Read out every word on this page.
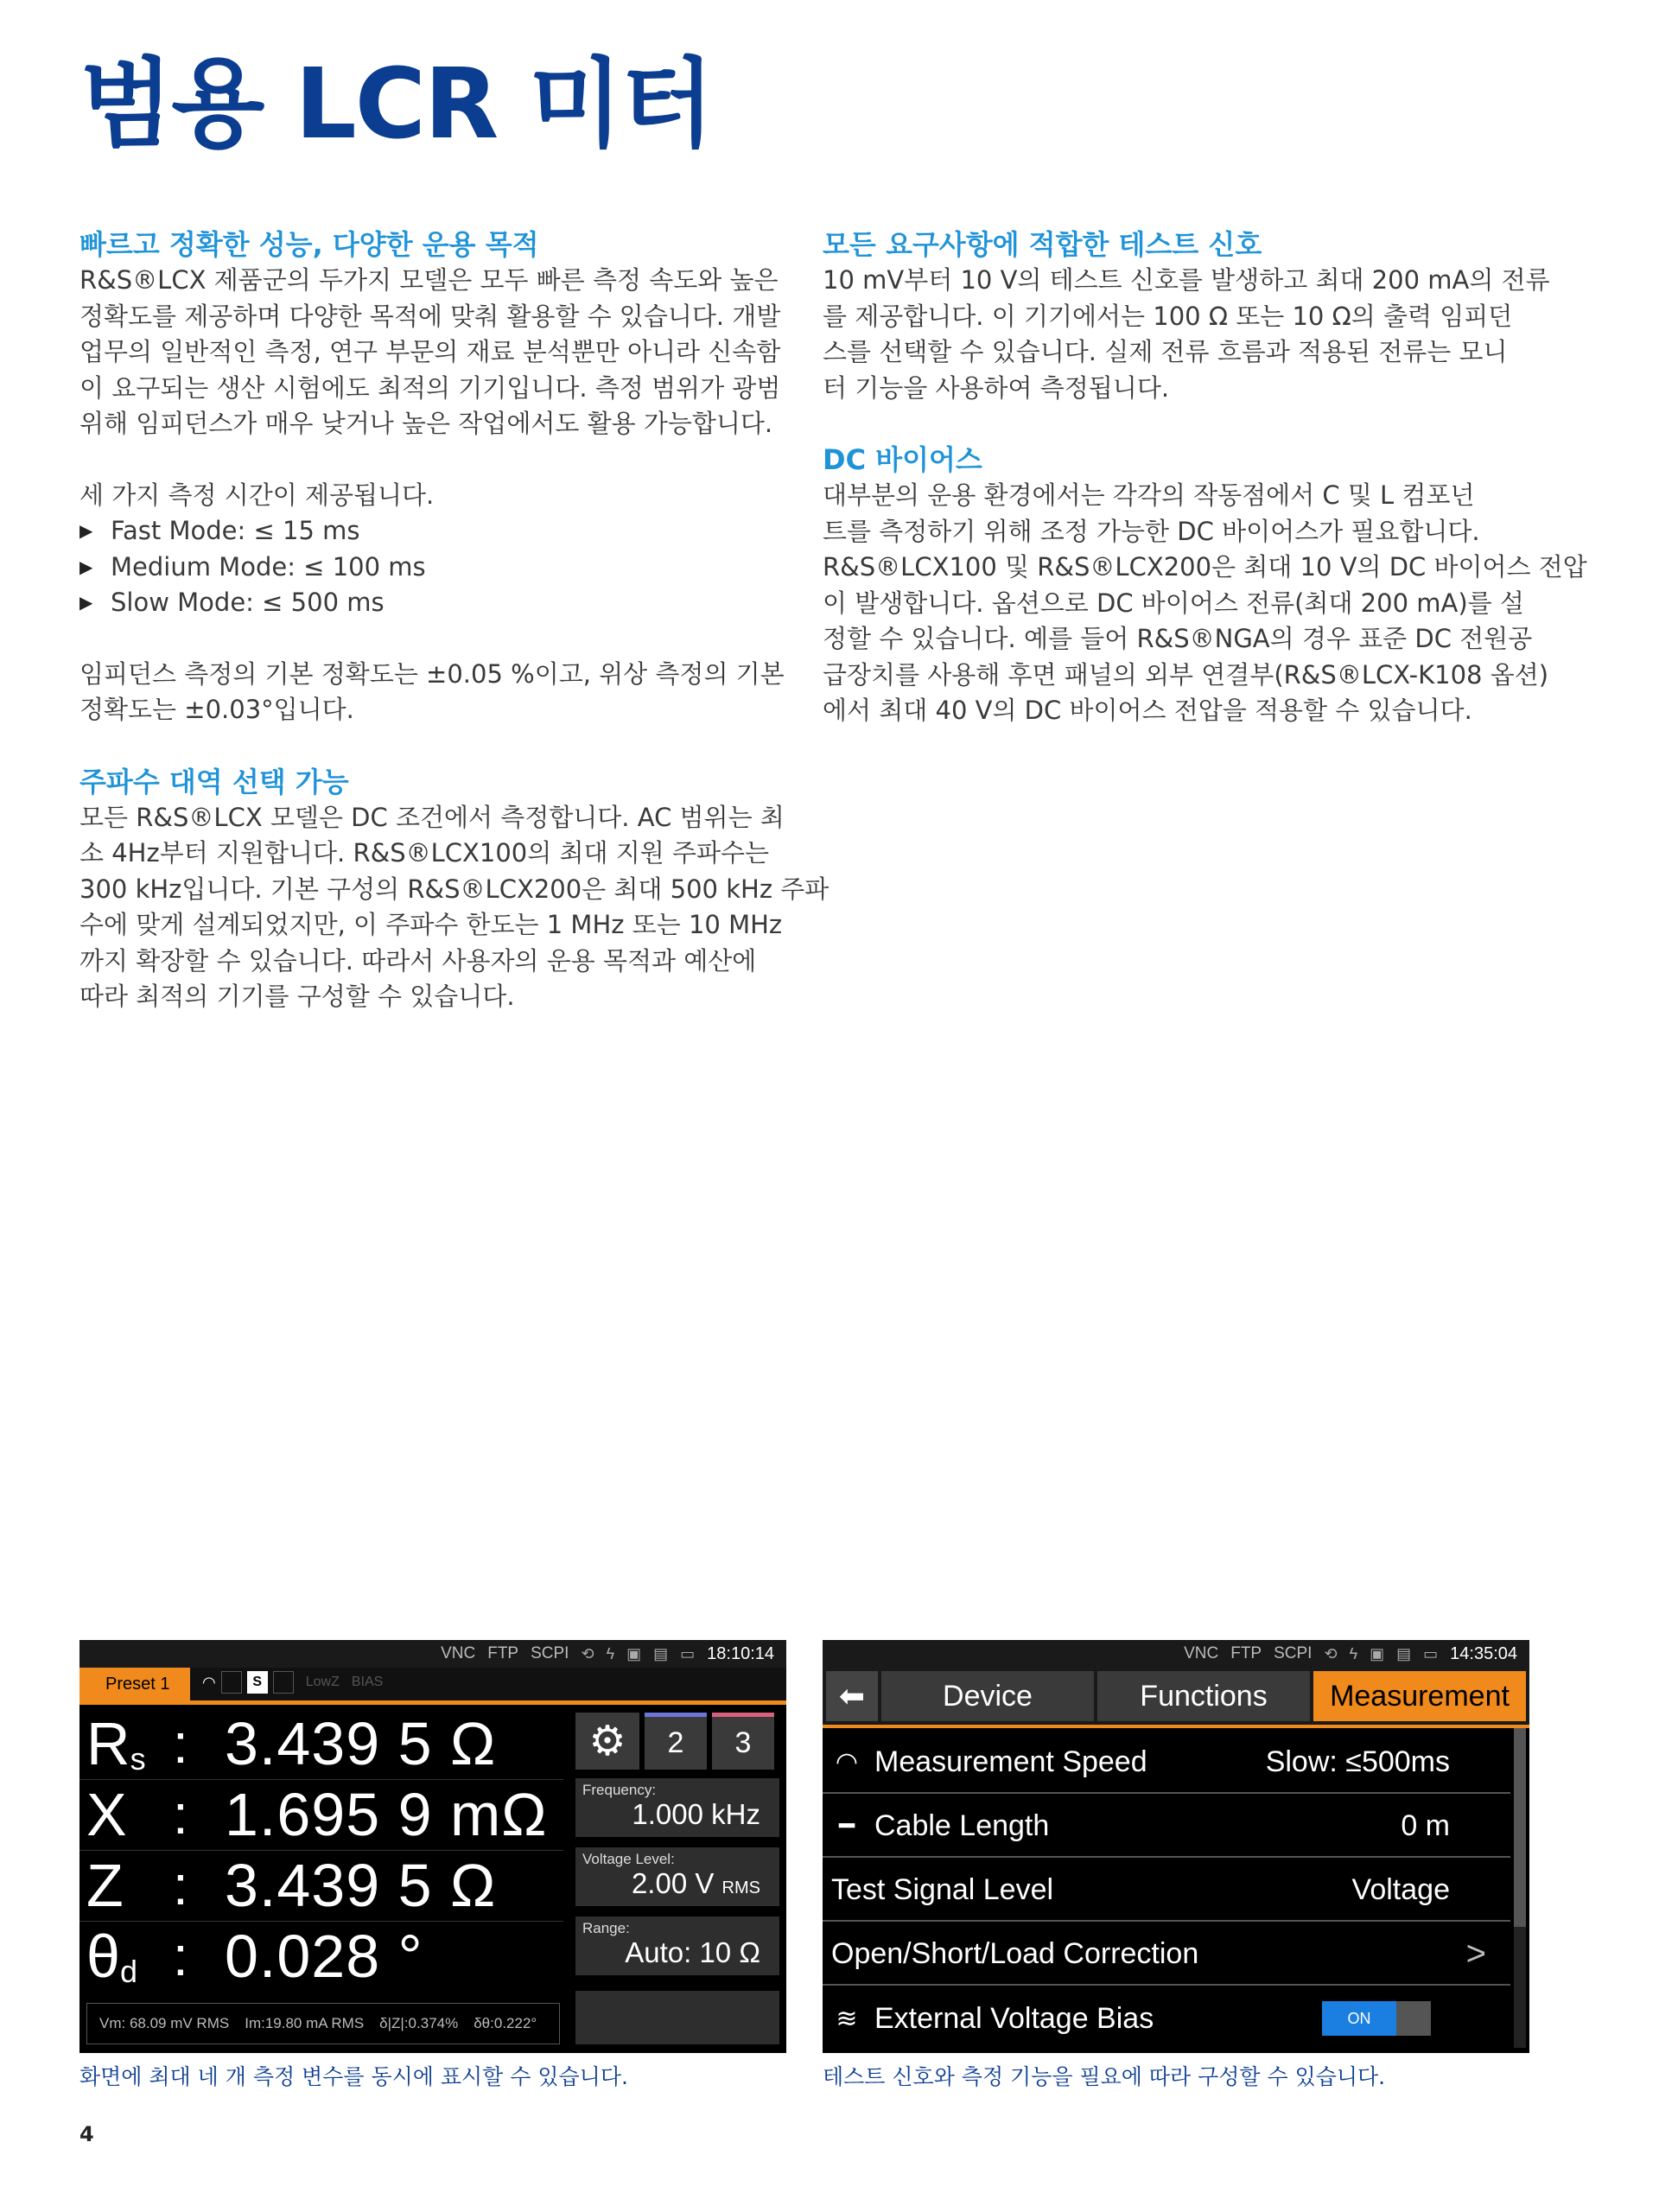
범용 LCR 미터
빠르고 정확한 성능, 다양한 운용 목적

R&S®LCX 제품군의 두가지 모델은 모두 빠른 측정 속도와 높은
정확도를 제공하며 다양한 목적에 맞춰 활용할 수 있습니다. 개발
업무의 일반적인 측정, 연구 부문의 재료 분석뿐만 아니라 신속함
이 요구되는 생산 시험에도 최적의 기기입니다. 측정 범위가 광범
위해 임피던스가 매우 낮거나 높은 작업에서도 활용 가능합니다.

세 가지 측정 시간이 제공됩니다.

▶ Fast Mode: ≤ 15 ms
▶ Medium Mode: ≤ 100 ms
▶ Slow Mode: ≤ 500 ms

임피던스 측정의 기본 정확도는 ±0.05 %이고, 위상 측정의 기본
정확도는 ±0.03°입니다.

주파수 대역 선택 가능

모든 R&S®LCX 모델은 DC 조건에서 측정합니다. AC 범위는 최
소 4Hz부터 지원합니다. R&S®LCX100의 최대 지원 주파수는
300 kHz입니다. 기본 구성의 R&S®LCX200은 최대 500 kHz 주파
수에 맞게 설계되었지만, 이 주파수 한도는 1 MHz 또는 10 MHz
까지 확장할 수 있습니다. 따라서 사용자의 운용 목적과 예산에
따라 최적의 기기를 구성할 수 있습니다.

모든 요구사항에 적합한 테스트 신호

10 mV부터 10 V의 테스트 신호를 발생하고 최대 200 mA의 전류
를 제공합니다. 이 기기에서는 100 Ω 또는 10 Ω의 출력 임피던
스를 선택할 수 있습니다. 실제 전류 흐름과 적용된 전류는 모니
터 기능을 사용하여 측정됩니다.

DC 바이어스

대부분의 운용 환경에서는 각각의 작동점에서 C 및 L 컴포넌
트를 측정하기 위해 조정 가능한 DC 바이어스가 필요합니다.
R&S®LCX100 및 R&S®LCX200은 최대 10 V의 DC 바이어스 전압
이 발생합니다. 옵션으로 DC 바이어스 전류(최대 200 mA)를 설
정할 수 있습니다. 예를 들어 R&S®NGA의 경우 표준 DC 전원공
급장치를 사용해 후면 패널의 외부 연결부(R&S®LCX-K108 옵션)
에서 최대 40 V의 DC 바이어스 전압을 적용할 수 있습니다.

VNC FTP SCPI ⟲ ϟ ▣ ▤ ▭ 18:10:14
Preset 1	◠
	S
	LowZ BIAS
$R_s$ : 3.439 5 Ω
X : 1.695 9 mΩ
Z : 3.439 5 Ω
$\theta_d$ : 0.028 °
Vm: 68.09 mV RMS Im:19.80 mA RMS δ|Z|:0.374% δθ:0.222°
⚙	2	3
Frequency:
1.000 kHz
Voltage Level:
2.00 V RMS
Range:
Auto: 10 Ω
VNC FTP SCPI ⟲ ϟ ▣ ▤ ▭ 14:35:04
⬅	Device	Functions	Measurement
◠ Measurement Speed	Slow: ≤500ms
━ Cable Length	0 m
Test Signal Level	Voltage
Open/Short/Load Correction	>
≋ External Voltage Bias	ON

화면에 최대 네 개 측정 변수를 동시에 표시할 수 있습니다.	테스트 신호와 측정 기능을 필요에 따라 구성할 수 있습니다.

4
